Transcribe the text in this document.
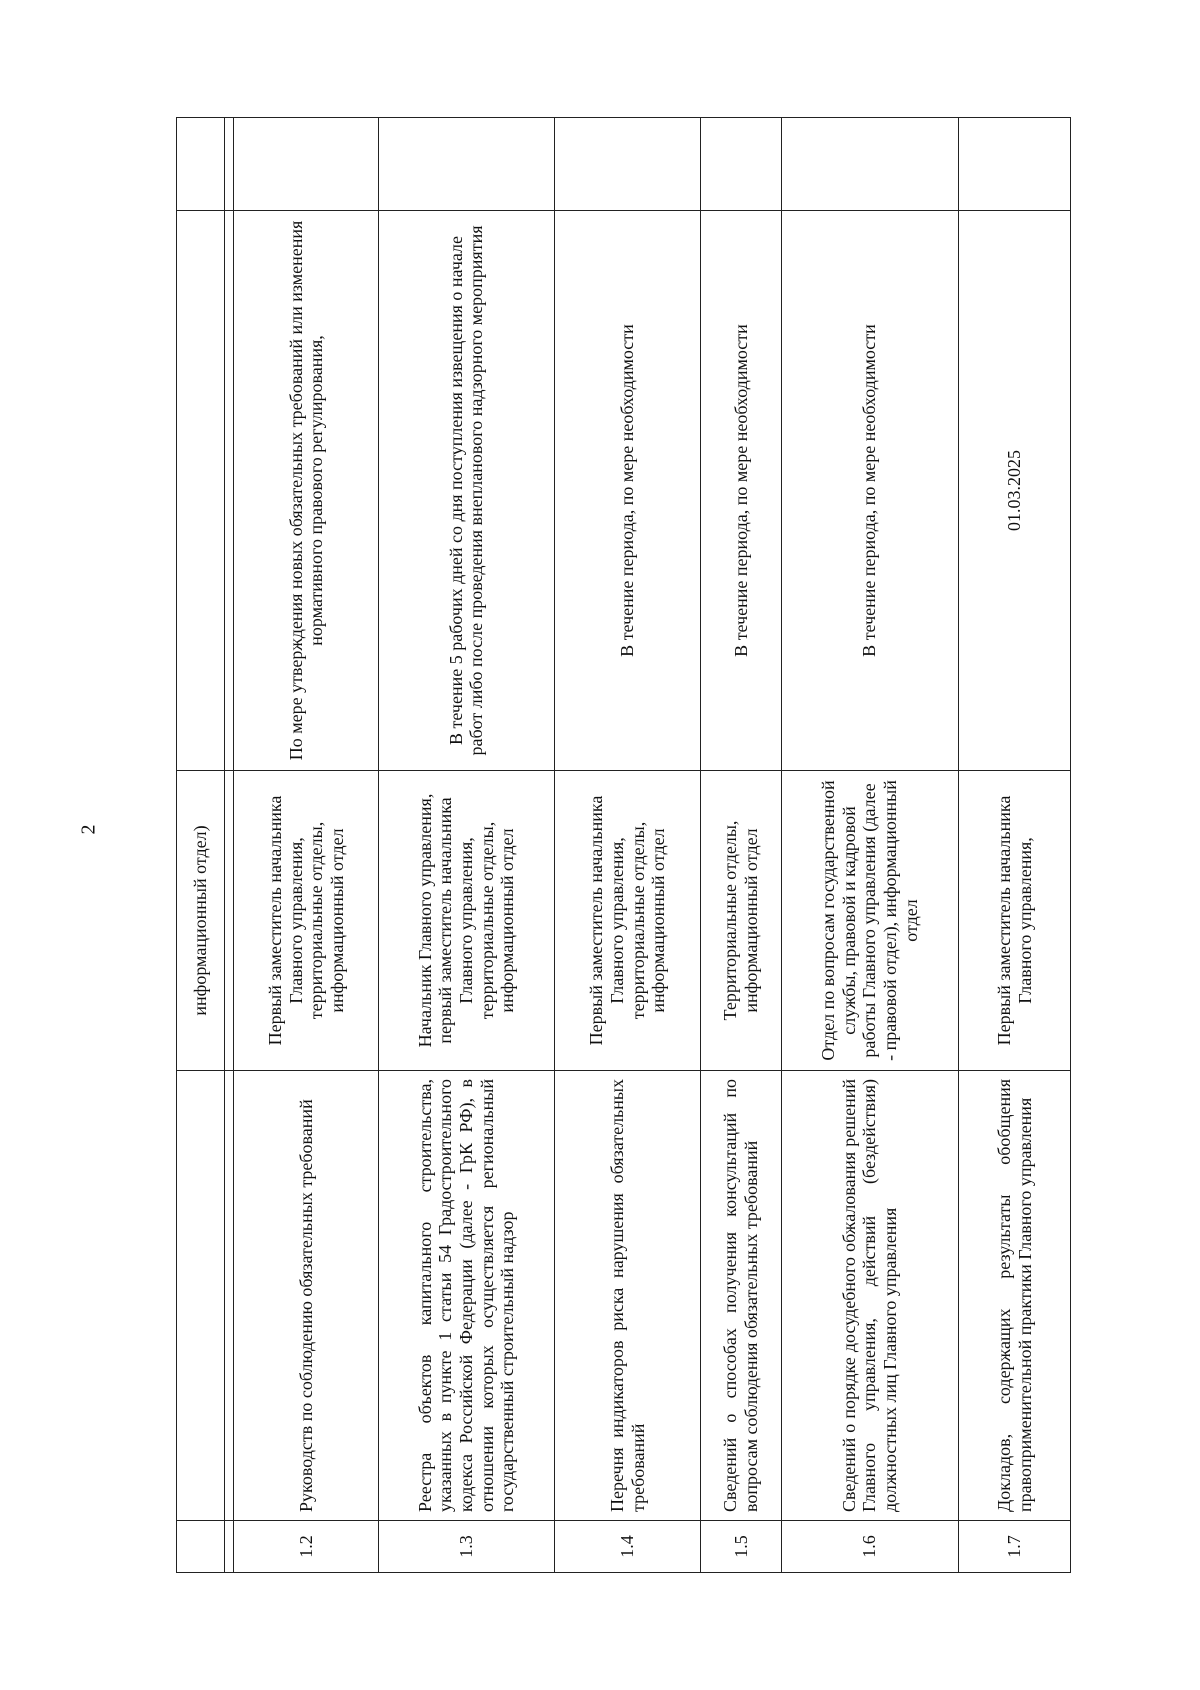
2
			информационный отдел)		

1.2	Руководств по соблюдению обязательных требований	Первый заместитель начальника Главного управления, территориальные отделы, информационный отдел	По мере утверждения новых обязательных требований или изменения нормативного правового регулирования,	
1.3	Реестра объектов капитального строительства, указанных в пункте 1 статьи 54 Градостроительного кодекса Российской Федерации (далее - ГрК РФ), в отношении которых осуществляется региональный государственный строительный надзор	Начальник Главного управления, первый заместитель начальника Главного управления, территориальные отделы, информационный отдел	В течение 5 рабочих дней со дня поступления извещения о начале работ либо после проведения внепланового надзорного мероприятия	
1.4	Перечня индикаторов риска нарушения обязательных требований	Первый заместитель начальника Главного управления, территориальные отделы, информационный отдел	В течение периода, по мере необходимости	
1.5	Сведений о способах получения консультаций по вопросам соблюдения обязательных требований	Территориальные отделы, информационный отдел	В течение периода, по мере необходимости	
1.6	Сведений о порядке досудебного обжалования решений Главного управления, действий (бездействия) должностных лиц Главного управления	Отдел по вопросам государственной службы, правовой и кадровой работы Главного управления (далее - правовой отдел), информационный отдел	В течение периода, по мере необходимости	
1.7	Докладов, содержащих результаты обобщения правоприменительной практики Главного управления	Первый заместитель начальника Главного управления,	01.03.2025	
